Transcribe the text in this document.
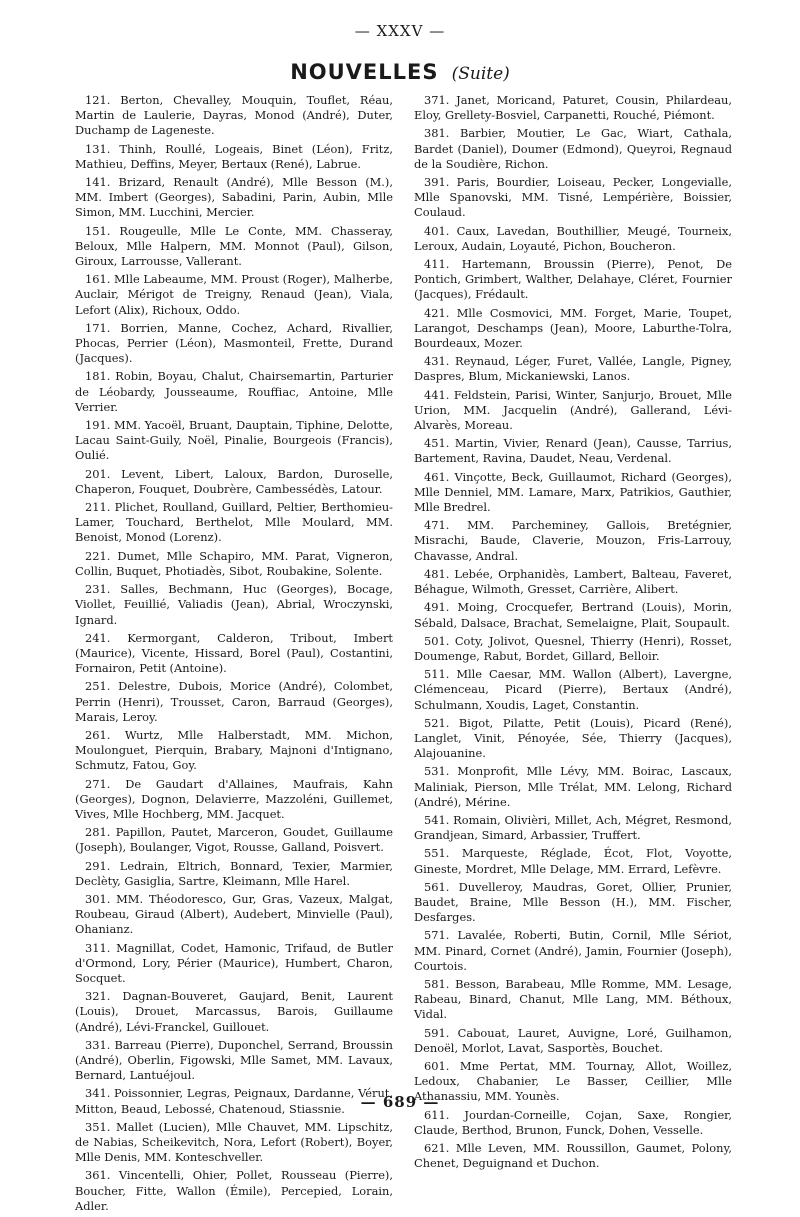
— XXXV —
NOUVELLES (Suite)

121. Berton, Chevalley, Mouquin, Touflet, Réau, Martin de Laulerie, Dayras, Monod (André), Duter, Duchamp de Lageneste.

131. Thinh, Roullé, Logeais, Binet (Léon), Fritz, Mathieu, Deffins, Meyer, Bertaux (René), Labrue.

141. Brizard, Renault (André), Mlle Besson (M.), MM. Imbert (Georges), Sabadini, Parin, Aubin, Mlle Simon, MM. Lucchini, Mercier.

151. Rougeulle, Mlle Le Conte, MM. Chasseray, Beloux, Mlle Halpern, MM. Monnot (Paul), Gilson, Giroux, Larrousse, Vallerant.

161. Mlle Labeaume, MM. Proust (Roger), Malherbe, Auclair, Mérigot de Treigny, Renaud (Jean), Viala, Lefort (Alix), Richoux, Oddo.

171. Borrien, Manne, Cochez, Achard, Rivallier, Phocas, Perrier (Léon), Masmonteil, Frette, Durand (Jacques).

181. Robin, Boyau, Chalut, Chairsemartin, Parturier de Léobardy, Jousseaume, Rouffiac, Antoine, Mlle Verrier.

191. MM. Yacoël, Bruant, Dauptain, Tiphine, Delotte, Lacau Saint-Guily, Noël, Pinalie, Bourgeois (Francis), Oulié.

201. Levent, Libert, Laloux, Bardon, Duroselle, Chaperon, Fouquet, Doubrère, Cambessédès, Latour.

211. Plichet, Roulland, Guillard, Peltier, Berthomieu-Lamer, Touchard, Berthelot, Mlle Moulard, MM. Benoist, Monod (Lorenz).

221. Dumet, Mlle Schapiro, MM. Parat, Vigneron, Collin, Buquet, Photiadès, Sibot, Roubakine, Solente.

231. Salles, Bechmann, Huc (Georges), Bocage, Viollet, Feuillié, Valiadis (Jean), Abrial, Wroczynski, Ignard.

241. Kermorgant, Calderon, Tribout, Imbert (Maurice), Vicente, Hissard, Borel (Paul), Costantini, Fornairon, Petit (Antoine).

251. Delestre, Dubois, Morice (André), Colombet, Perrin (Henri), Trousset, Caron, Barraud (Georges), Marais, Leroy.

261. Wurtz, Mlle Halberstadt, MM. Michon, Moulonguet, Pierquin, Brabary, Majnoni d'Intignano, Schmutz, Fatou, Goy.

271. De Gaudart d'Allaines, Maufrais, Kahn (Georges), Dognon, Delavierre, Mazzoléni, Guillemet, Vives, Mlle Hochberg, MM. Jacquet.

281. Papillon, Pautet, Marceron, Goudet, Guillaume (Joseph), Boulanger, Vigot, Rousse, Galland, Poisvert.

291. Ledrain, Eltrich, Bonnard, Texier, Marmier, Declèty, Gasiglia, Sartre, Kleimann, Mlle Harel.

301. MM. Théodoresco, Gur, Gras, Vazeux, Malgat, Roubeau, Giraud (Albert), Audebert, Minvielle (Paul), Ohanianz.

311. Magnillat, Codet, Hamonic, Trifaud, de Butler d'Ormond, Lory, Périer (Maurice), Humbert, Charon, Socquet.

321. Dagnan-Bouveret, Gaujard, Benit, Laurent (Louis), Drouet, Marcassus, Barois, Guillaume (André), Lévi-Franckel, Guillouet.

331. Barreau (Pierre), Duponchel, Serrand, Broussin (André), Oberlin, Figowski, Mlle Samet, MM. Lavaux, Bernard, Lantuéjoul.

341. Poissonnier, Legras, Peignaux, Dardanne, Vérut, Mitton, Beaud, Lebossé, Chatenoud, Stiassnie.

351. Mallet (Lucien), Mlle Chauvet, MM. Lipschitz, de Nabias, Scheikevitch, Nora, Lefort (Robert), Boyer, Mlle Denis, MM. Konteschveller.

361. Vincentelli, Ohier, Pollet, Rousseau (Pierre), Boucher, Fitte, Wallon (Émile), Percepied, Lorain, Adler.

371. Janet, Moricand, Paturet, Cousin, Philardeau, Eloy, Grellety-Bosviel, Carpanetti, Rouché, Piémont.

381. Barbier, Moutier, Le Gac, Wiart, Cathala, Bardet (Daniel), Doumer (Edmond), Queyroi, Regnaud de la Soudière, Richon.

391. Paris, Bourdier, Loiseau, Pecker, Longevialle, Mlle Spanovski, MM. Tisné, Lempérière, Boissier, Coulaud.

401. Caux, Lavedan, Bouthillier, Meugé, Tourneix, Leroux, Audain, Loyauté, Pichon, Boucheron.

411. Hartemann, Broussin (Pierre), Penot, De Pontich, Grimbert, Walther, Delahaye, Cléret, Fournier (Jacques), Frédault.

421. Mlle Cosmovici, MM. Forget, Marie, Toupet, Larangot, Deschamps (Jean), Moore, Laburthe-Tolra, Bourdeaux, Mozer.

431. Reynaud, Léger, Furet, Vallée, Langle, Pigney, Daspres, Blum, Mickaniewski, Lanos.

441. Feldstein, Parisi, Winter, Sanjurjo, Brouet, Mlle Urion, MM. Jacquelin (André), Gallerand, Lévi-Alvarès, Moreau.

451. Martin, Vivier, Renard (Jean), Causse, Tarrius, Bartement, Ravina, Daudet, Neau, Verdenal.

461. Vinçotte, Beck, Guillaumot, Richard (Georges), Mlle Denniel, MM. Lamare, Marx, Patrikios, Gauthier, Mlle Bredrel.

471. MM. Parcheminey, Gallois, Bretégnier, Misrachi, Baude, Claverie, Mouzon, Fris-Larrouy, Chavasse, Andral.

481. Lebée, Orphanidès, Lambert, Balteau, Faveret, Béhague, Wilmoth, Gresset, Carrière, Alibert.

491. Moing, Crocquefer, Bertrand (Louis), Morin, Sébald, Dalsace, Brachat, Semelaigne, Plait, Soupault.

501. Coty, Jolivot, Quesnel, Thierry (Henri), Rosset, Doumenge, Rabut, Bordet, Gillard, Belloir.

511. Mlle Caesar, MM. Wallon (Albert), Lavergne, Clémenceau, Picard (Pierre), Bertaux (André), Schulmann, Xoudis, Laget, Constantin.

521. Bigot, Pilatte, Petit (Louis), Picard (René), Langlet, Vinit, Pénoyée, Sée, Thierry (Jacques), Alajouanine.

531. Monprofit, Mlle Lévy, MM. Boirac, Lascaux, Maliniak, Pierson, Mlle Trélat, MM. Lelong, Richard (André), Mérine.

541. Romain, Olivièri, Millet, Ach, Mégret, Resmond, Grandjean, Simard, Arbassier, Truffert.

551. Marqueste, Réglade, Écot, Flot, Voyotte, Gineste, Mordret, Mlle Delage, MM. Errard, Lefèvre.

561. Duvelleroy, Maudras, Goret, Ollier, Prunier, Baudet, Braine, Mlle Besson (H.), MM. Fischer, Desfarges.

571. Lavalée, Roberti, Butin, Cornil, Mlle Sériot, MM. Pinard, Cornet (André), Jamin, Fournier (Joseph), Courtois.

581. Besson, Barabeau, Mlle Romme, MM. Lesage, Rabeau, Binard, Chanut, Mlle Lang, MM. Béthoux, Vidal.

591. Cabouat, Lauret, Auvigne, Loré, Guilhamon, Denoël, Morlot, Lavat, Sasportès, Bouchet.

601. Mme Pertat, MM. Tournay, Allot, Woillez, Ledoux, Chabanier, Le Basser, Ceillier, Mlle Athanassiu, MM. Younès.

611. Jourdan-Corneille, Cojan, Saxe, Rongier, Claude, Berthod, Brunon, Funck, Dohen, Vesselle.

621. Mlle Leven, MM. Roussillon, Gaumet, Polony, Chenet, Deguignand et Duchon.

— 689 —
